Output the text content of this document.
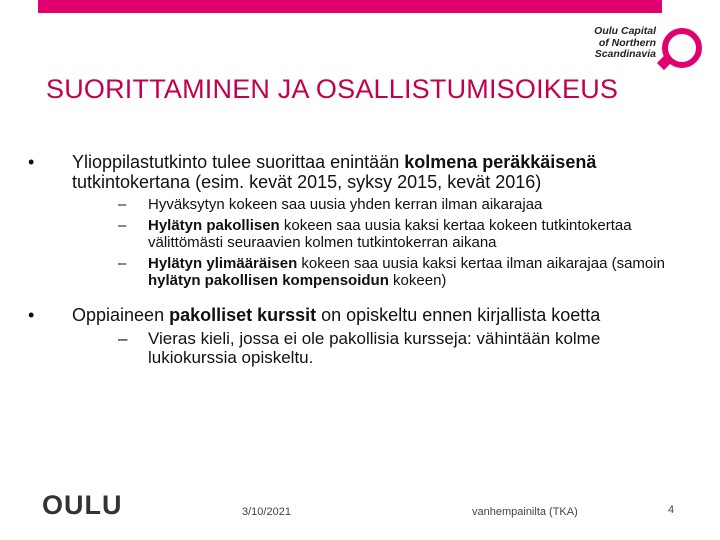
Oulu Capital
of Northern
Scandinavia
SUORITTAMINEN JA OSALLISTUMISOIKEUS
• Ylioppilastutkinto tulee suorittaa enintään kolmena peräkkäisenä tutkintokertana (esim. kevät 2015, syksy 2015, kevät 2016)
– Hyväksytyn kokeen saa uusia yhden kerran ilman aikarajaa
– Hylätyn pakollisen kokeen saa uusia kaksi kertaa kokeen tutkintokertaa välittömästi seuraavien kolmen tutkintokerran aikana
– Hylätyn ylimääräisen kokeen saa uusia kaksi kertaa ilman aikarajaa (samoin hylätyn pakollisen kompensoidun kokeen)
• Oppiaineen pakolliset kurssit on opiskeltu ennen kirjallista koetta
– Vieras kieli, jossa ei ole pakollisia kursseja: vähintään kolme lukiokurssia opiskeltu.
OULU	3/10/2021	vanhempainilta (TKA)	4
